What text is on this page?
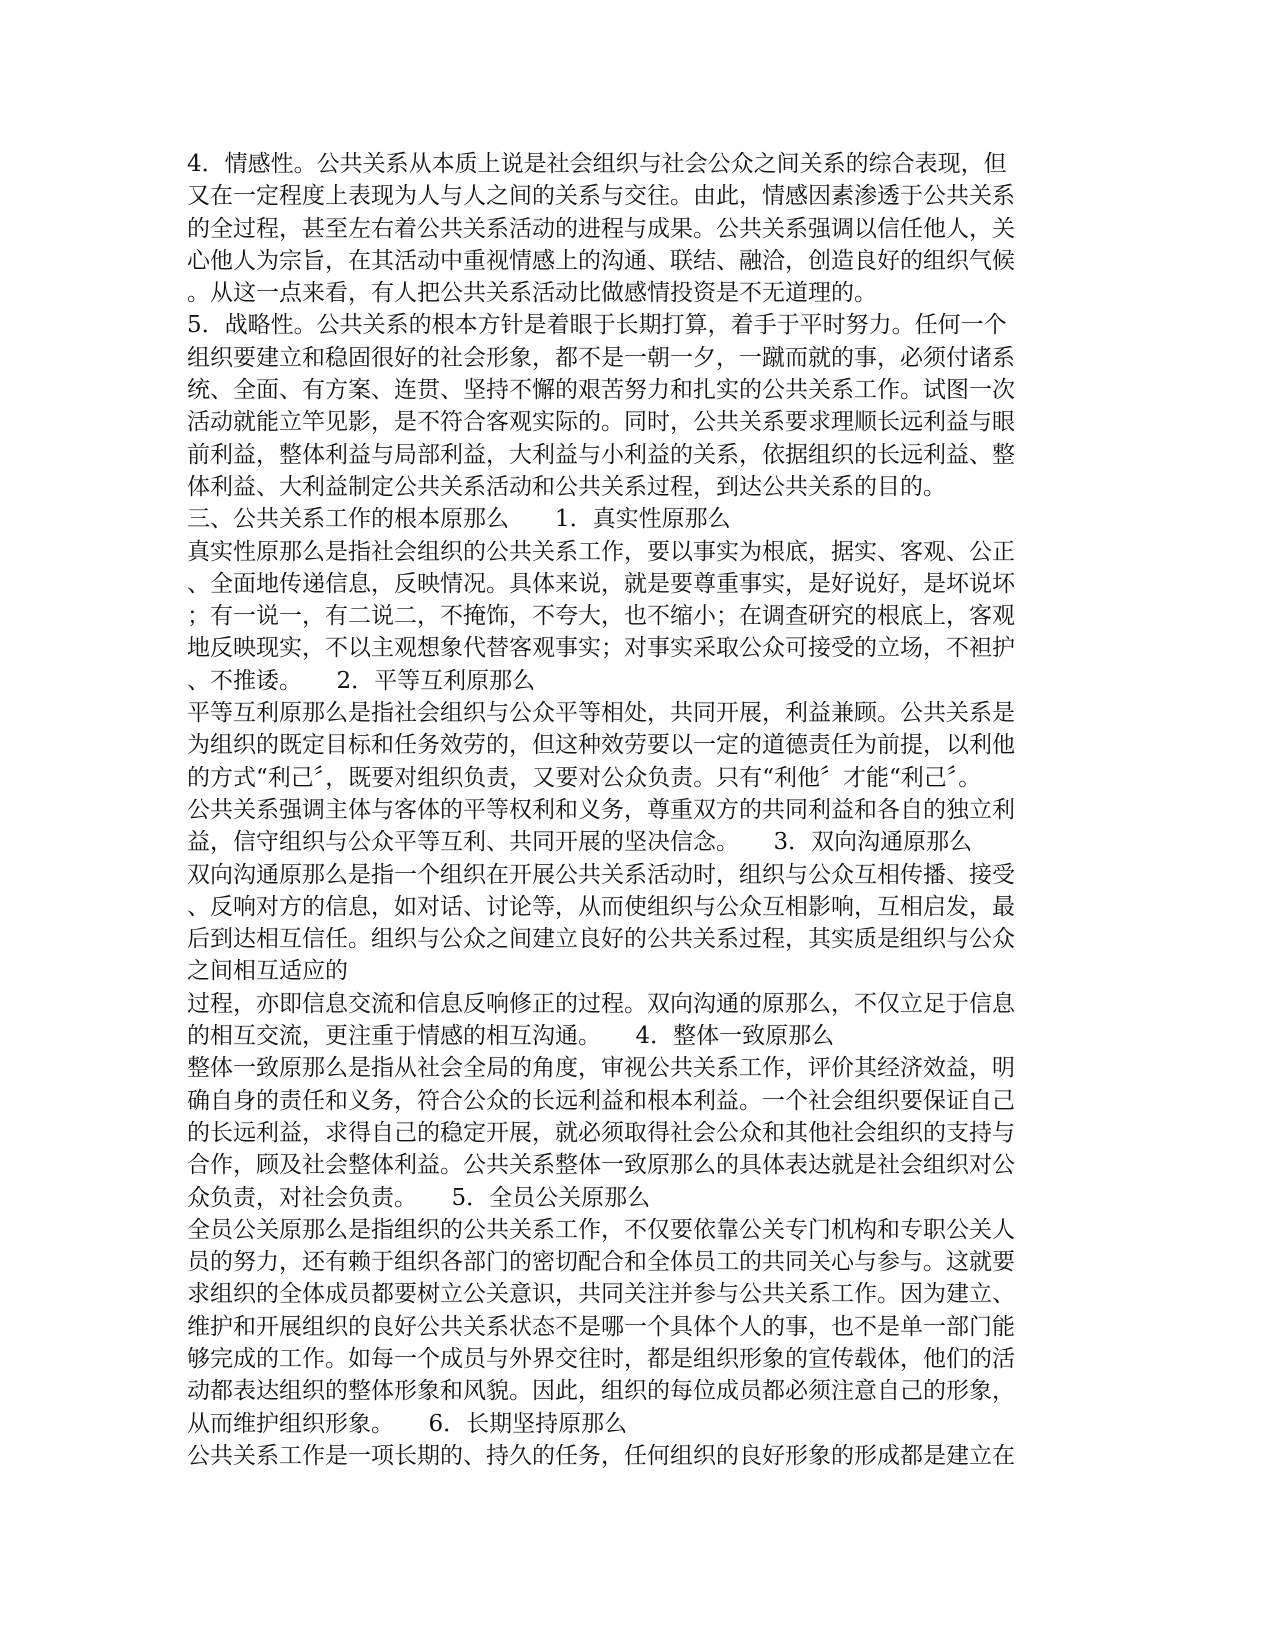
4．情感性。公共关系从本质上说是社会组织与社会公众之间关系的综合表现，但
又在一定程度上表现为人与人之间的关系与交往。由此，情感因素渗透于公共关系
的全过程，甚至左右着公共关系活动的进程与成果。公共关系强调以信任他人，关
心他人为宗旨，在其活动中重视情感上的沟通、联结、融洽，创造良好的组织气候
。从这一点来看，有人把公共关系活动比做感情投资是不无道理的。
5．战略性。公共关系的根本方针是着眼于长期打算，着手于平时努力。任何一个
组织要建立和稳固很好的社会形象，都不是一朝一夕，一蹴而就的事，必须付诸系
统、全面、有方案、连贯、坚持不懈的艰苦努力和扎实的公共关系工作。试图一次
活动就能立竿见影，是不符合客观实际的。同时，公共关系要求理顺长远利益与眼
前利益，整体利益与局部利益，大利益与小利益的关系，依据组织的长远利益、整
体利益、大利益制定公共关系活动和公共关系过程，到达公共关系的目的。
三、公共关系工作的根本原那么　　1．真实性原那么
真实性原那么是指社会组织的公共关系工作，要以事实为根底，据实、客观、公正
、全面地传递信息，反映情况。具体来说，就是要尊重事实，是好说好，是坏说坏
；有一说一，有二说二，不掩饰，不夸大，也不缩小；在调查研究的根底上，客观
地反映现实，不以主观想象代替客观事实；对事实采取公众可接受的立场，不袒护
、不推诿。　　2．平等互利原那么
平等互利原那么是指社会组织与公众平等相处，共同开展，利益兼顾。公共关系是
为组织的既定目标和任务效劳的，但这种效劳要以一定的道德责任为前提，以利他
的方式“利己〞，既要对组织负责，又要对公众负责。只有“利他〞才能“利己〞。
公共关系强调主体与客体的平等权利和义务，尊重双方的共同利益和各自的独立利
益，信守组织与公众平等互利、共同开展的坚决信念。　　3．双向沟通原那么
双向沟通原那么是指一个组织在开展公共关系活动时，组织与公众互相传播、接受
、反响对方的信息，如对话、讨论等，从而使组织与公众互相影响，互相启发，最
后到达相互信任。组织与公众之间建立良好的公共关系过程，其实质是组织与公众
之间相互适应的
过程，亦即信息交流和信息反响修正的过程。双向沟通的原那么，不仅立足于信息
的相互交流，更注重于情感的相互沟通。　　4．整体一致原那么
整体一致原那么是指从社会全局的角度，审视公共关系工作，评价其经济效益，明
确自身的责任和义务，符合公众的长远利益和根本利益。一个社会组织要保证自己
的长远利益，求得自己的稳定开展，就必须取得社会公众和其他社会组织的支持与
合作，顾及社会整体利益。公共关系整体一致原那么的具体表达就是社会组织对公
众负责，对社会负责。　　5．全员公关原那么
全员公关原那么是指组织的公共关系工作，不仅要依靠公关专门机构和专职公关人
员的努力，还有赖于组织各部门的密切配合和全体员工的共同关心与参与。这就要
求组织的全体成员都要树立公关意识，共同关注并参与公共关系工作。因为建立、
维护和开展组织的良好公共关系状态不是哪一个具体个人的事，也不是单一部门能
够完成的工作。如每一个成员与外界交往时，都是组织形象的宣传载体，他们的活
动都表达组织的整体形象和风貌。因此，组织的每位成员都必须注意自己的形象，
从而维护组织形象。　　6．长期坚持原那么
公共关系工作是一项长期的、持久的任务，任何组织的良好形象的形成都是建立在
